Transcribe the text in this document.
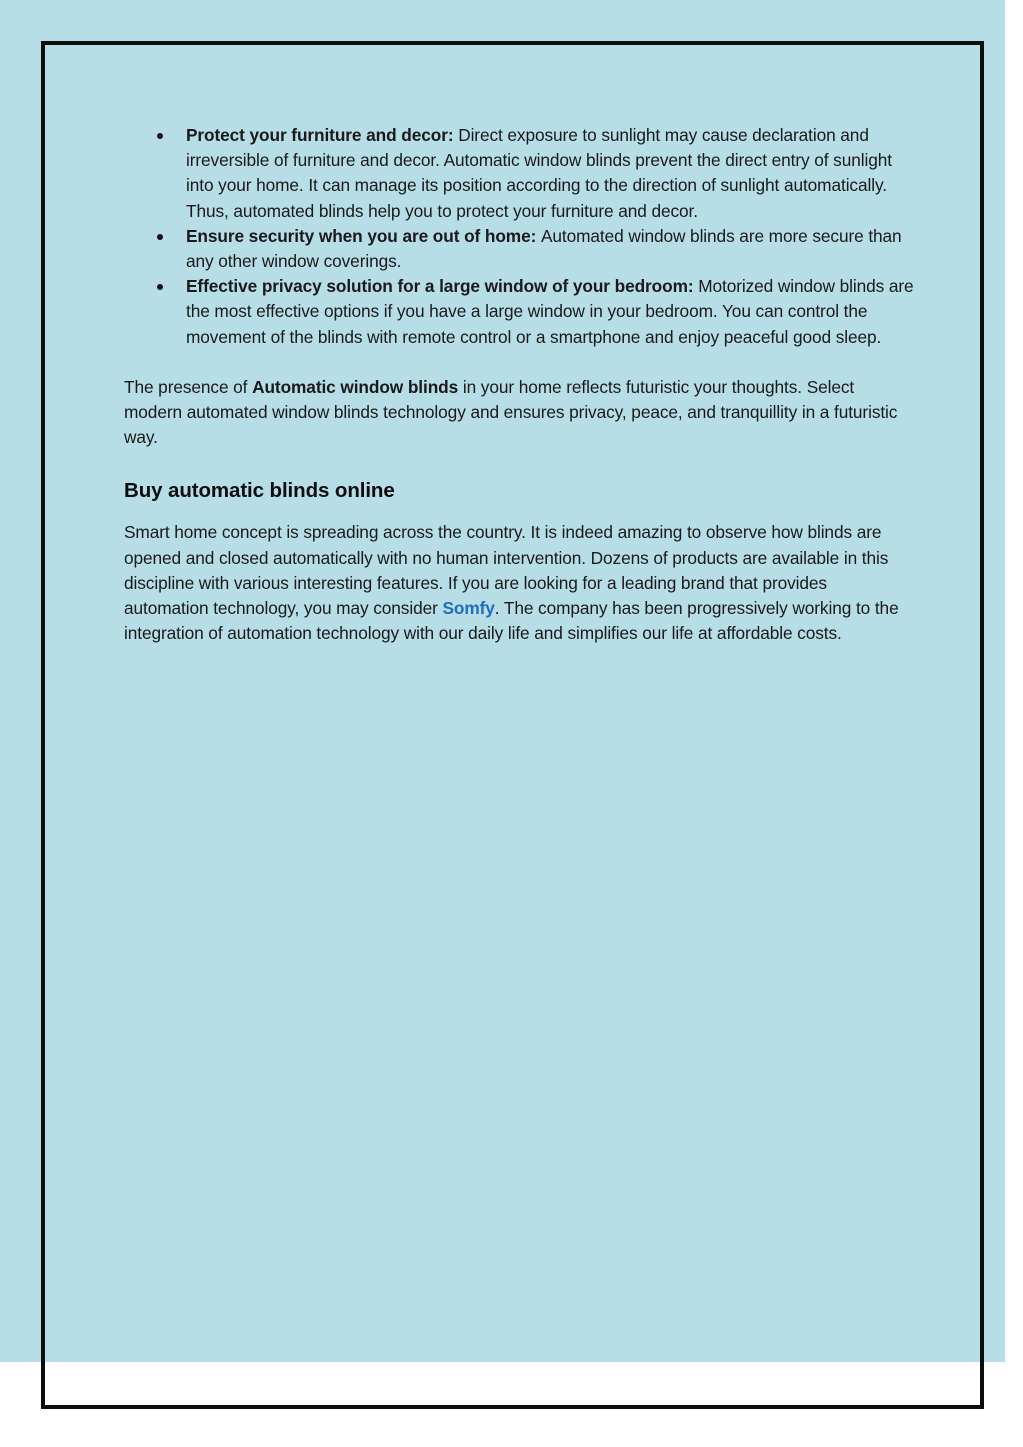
Protect your furniture and decor: Direct exposure to sunlight may cause declaration and irreversible of furniture and decor. Automatic window blinds prevent the direct entry of sunlight into your home. It can manage its position according to the direction of sunlight automatically. Thus, automated blinds help you to protect your furniture and decor.
Ensure security when you are out of home: Automated window blinds are more secure than any other window coverings.
Effective privacy solution for a large window of your bedroom: Motorized window blinds are the most effective options if you have a large window in your bedroom. You can control the movement of the blinds with remote control or a smartphone and enjoy peaceful good sleep.

The presence of Automatic window blinds in your home reflects futuristic your thoughts. Select modern automated window blinds technology and ensures privacy, peace, and tranquillity in a futuristic way.

Buy automatic blinds online

Smart home concept is spreading across the country. It is indeed amazing to observe how blinds are opened and closed automatically with no human intervention. Dozens of products are available in this discipline with various interesting features. If you are looking for a leading brand that provides automation technology, you may consider Somfy. The company has been progressively working to the integration of automation technology with our daily life and simplifies our life at affordable costs.
